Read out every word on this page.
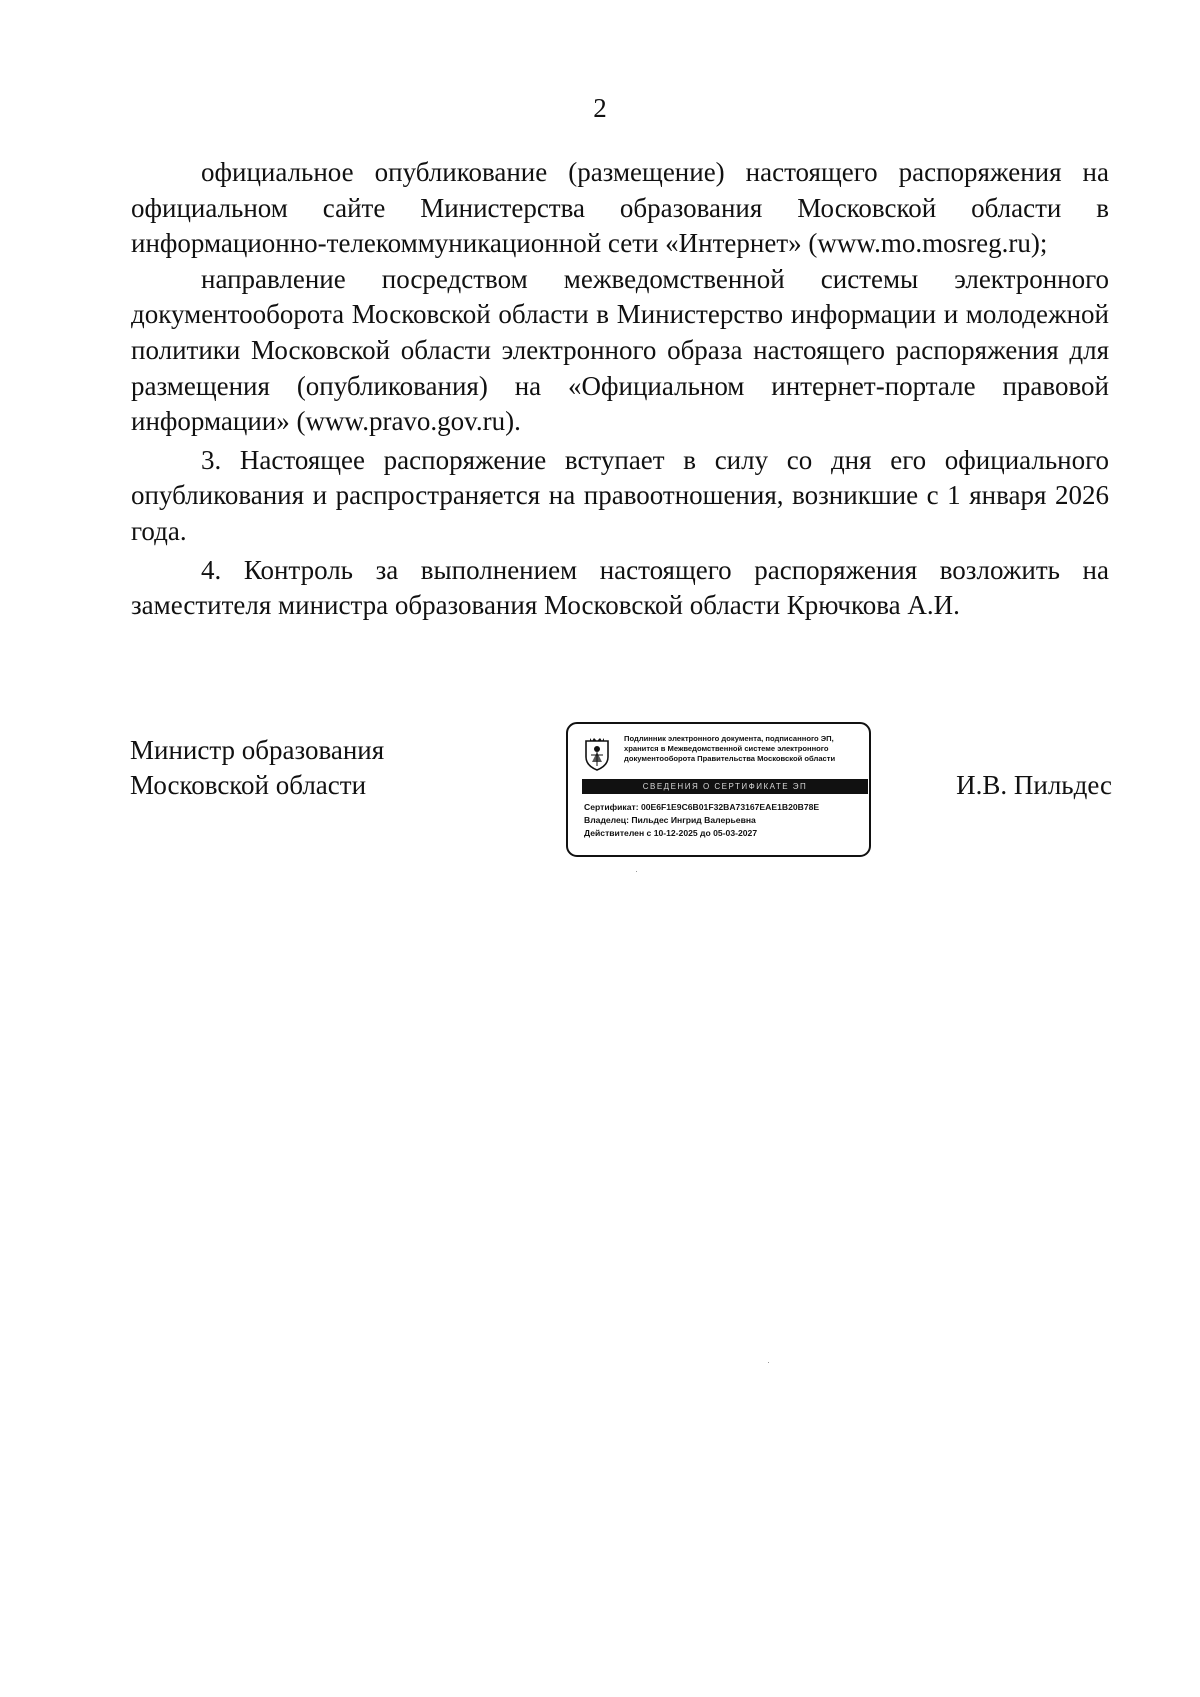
2

официальное опубликование (размещение) настоящего распоряжения на официальном сайте Министерства образования Московской области в информационно-телекоммуникационной сети «Интернет» (www.mo.mosreg.ru);

направление посредством межведомственной системы электронного документооборота Московской области в Министерство информации и молодежной политики Московской области электронного образа настоящего распоряжения для размещения (опубликования) на «Официальном интернет-портале правовой информации» (www.pravo.gov.ru).

3. Настоящее распоряжение вступает в силу со дня его официального опубликования и распространяется на правоотношения, возникшие с 1 января 2026 года.

4. Контроль за выполнением настоящего распоряжения возложить на заместителя министра образования Московской области Крючкова А.И.

Министр образования
Московской области
Подлинник электронного документа, подписанного ЭП,
хранится в Межведомственной системе электронного
документооборота Правительства Московской области
СВЕДЕНИЯ О СЕРТИФИКАТЕ ЭП
Сертификат: 00E6F1E9C6B01F32BA73167EAE1B20B78E
Владелец: Пильдес Ингрид Валерьевна
Действителен с 10-12-2025 до 05-03-2027
И.В. Пильдес
